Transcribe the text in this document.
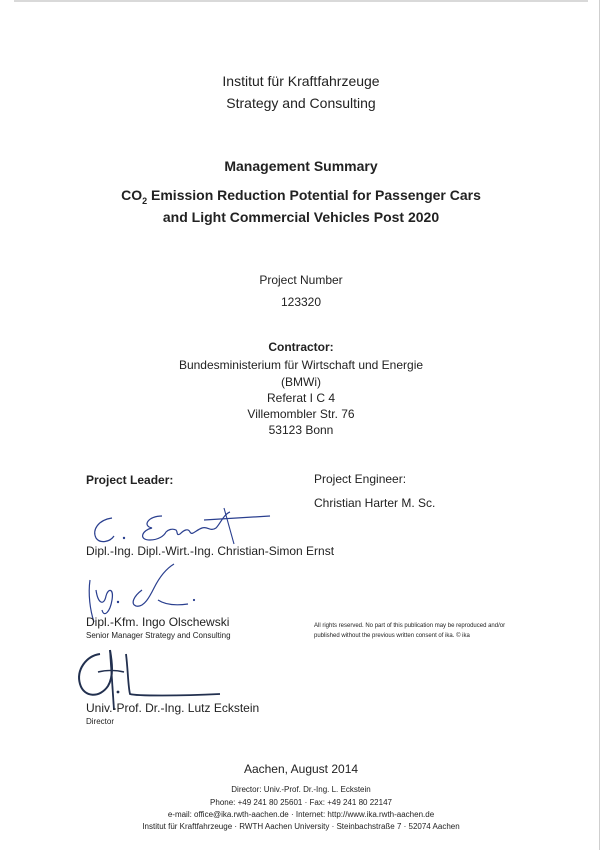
Institut für Kraftfahrzeuge
Strategy and Consulting
Management Summary
$CO_2$ Emission Reduction Potential for Passenger Cars
and Light Commercial Vehicles Post 2020
Project Number
123320
Contractor:
Bundesministerium für Wirtschaft und Energie
(BMWi)
Referat I C 4
Villemombler Str. 76
53123 Bonn
Project Leader:	Project Engineer:
Christian Harter M. Sc.
Dipl.-Ing. Dipl.-Wirt.-Ing. Christian-Simon Ernst
Dipl.-Kfm. Ingo Olschewski
Senior Manager Strategy and Consulting
All rights reserved. No part of this publication may be reproduced and/or
published without the previous written consent of ika. © ika
Univ.-Prof. Dr.-Ing. Lutz Eckstein
Director
Aachen, August 2014
Director: Univ.-Prof. Dr.-Ing. L. Eckstein
Phone: +49 241 80 25601 · Fax: +49 241 80 22147
e-mail: office@ika.rwth-aachen.de · Internet: http://www.ika.rwth-aachen.de
Institut für Kraftfahrzeuge · RWTH Aachen University · Steinbachstraße 7 · 52074 Aachen
